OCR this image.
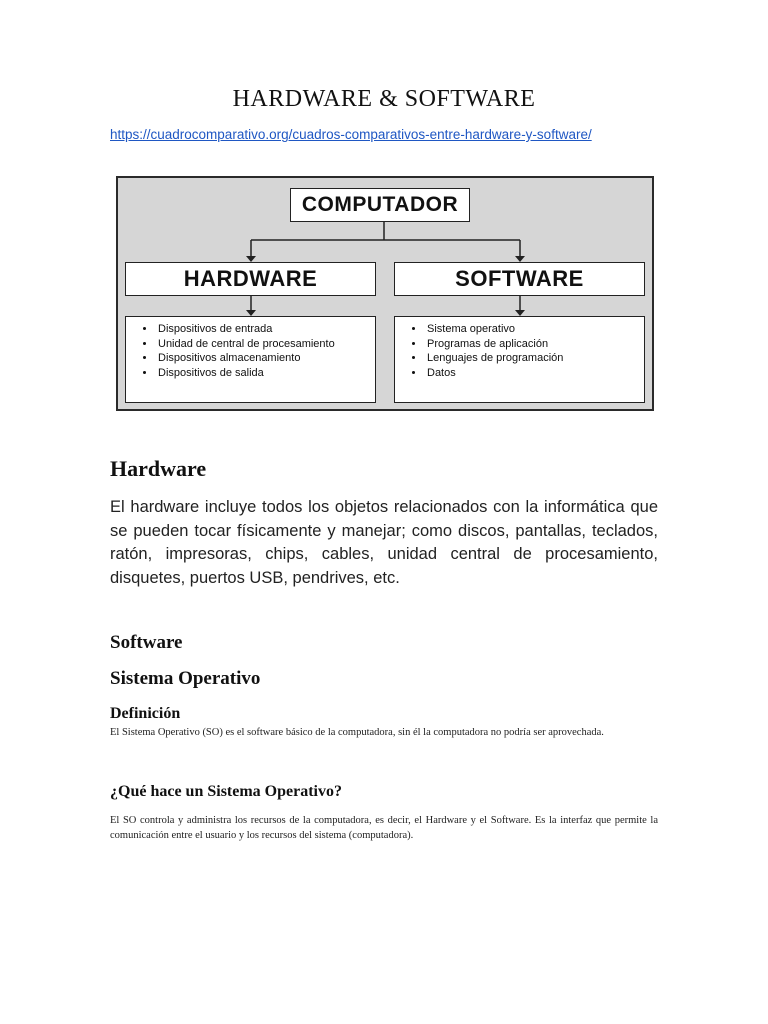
HARDWARE & SOFTWARE
https://cuadrocomparativo.org/cuadros-comparativos-entre-hardware-y-software/
COMPUTADOR
HARDWARE	SOFTWARE
• Dispositivos de entrada
• Unidad de central de procesamiento
• Dispositivos almacenamiento
• Dispositivos de salida
• Sistema operativo
• Programas de aplicación
• Lenguajes de programación
• Datos
Hardware
El hardware incluye todos los objetos relacionados con la informática que se pueden tocar físicamente y manejar; como discos, pantallas, teclados, ratón, impresoras, chips, cables, unidad central de procesamiento, disquetes, puertos USB, pendrives, etc.
Software
Sistema Operativo
Definición
El Sistema Operativo (SO) es el software básico de la computadora, sin él la computadora no podría ser aprovechada.
¿Qué hace un Sistema Operativo?
El SO controla y administra los recursos de la computadora, es decir, el Hardware y el Software. Es la interfaz que permite la comunicación entre el usuario y los recursos del sistema (computadora).
